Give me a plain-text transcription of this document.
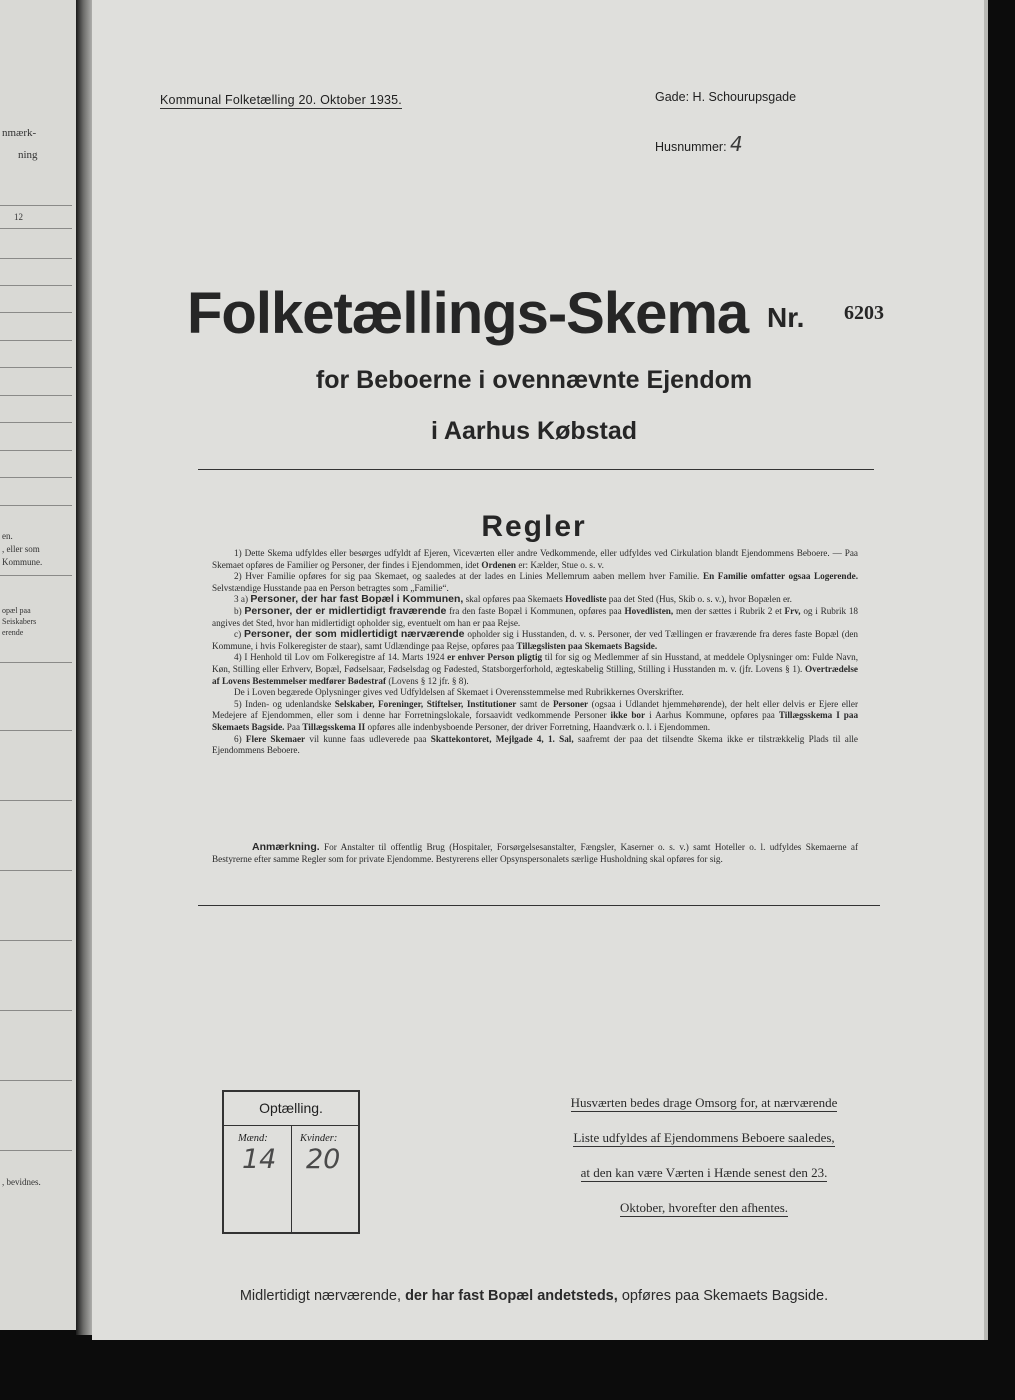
nmærk-
ning
12
en.
, eller som
Kommune.
opæl paa
Seiskabers
erende
, bevidnes.
Kommunal Folketælling 20. Oktober 1935.	Gade: H. Schourupsgade
Husnummer: 4
Folketællings-Skema Nr. 6203
for Beboerne i ovennævnte Ejendom
i Aarhus Købstad
Regler

1) Dette Skema udfyldes eller besørges udfyldt af Ejeren, Viceværten eller andre Vedkommende, eller udfyldes ved Cirkulation blandt Ejendommens Beboere. — Paa Skemaet opføres de Familier og Personer, der findes i Ejendommen, idet Ordenen er: Kælder, Stue o. s. v.

2) Hver Familie opføres for sig paa Skemaet, og saaledes at der lades en Linies Mellemrum aaben mellem hver Familie. En Familie omfatter ogsaa Logerende. Selvstændige Husstande paa en Person betragtes som „Familie“.

3 a) Personer, der har fast Bopæl i Kommunen, skal opføres paa Skemaets Hovedliste paa det Sted (Hus, Skib o. s. v.), hvor Bopælen er.

b) Personer, der er midlertidigt fraværende fra den faste Bopæl i Kommunen, opføres paa Hovedlisten, men der sættes i Rubrik 2 et Frv, og i Rubrik 18 angives det Sted, hvor han midlertidigt opholder sig, eventuelt om han er paa Rejse.

c) Personer, der som midlertidigt nærværende opholder sig i Husstanden, d. v. s. Personer, der ved Tællingen er fraværende fra deres faste Bopæl (den Kommune, i hvis Folkeregister de staar), samt Udlændinge paa Rejse, opføres paa Tillægslisten paa Skemaets Bagside.

4) I Henhold til Lov om Folkeregistre af 14. Marts 1924 er enhver Person pligtig til for sig og Medlemmer af sin Husstand, at meddele Oplysninger om: Fulde Navn, Køn, Stilling eller Erhverv, Bopæl, Fødselsaar, Fødselsdag og Fødested, Statsborgerforhold, ægteskabelig Stilling, Stilling i Husstanden m. v. (jfr. Lovens § 1). Overtrædelse af Lovens Bestemmelser medfører Bødestraf (Lovens § 12 jfr. § 8).

De i Loven begærede Oplysninger gives ved Udfyldelsen af Skemaet i Overensstemmelse med Rubrikkernes Overskrifter.

5) Inden- og udenlandske Selskaber, Foreninger, Stiftelser, Institutioner samt de Personer (ogsaa i Udlandet hjemmehørende), der helt eller delvis er Ejere eller Medejere af Ejendommen, eller som i denne har Forretningslokale, forsaavidt vedkommende Personer ikke bor i Aarhus Kommune, opføres paa Tillægsskema I paa Skemaets Bagside. Paa Tillægsskema II opføres alle indenbysboende Personer, der driver Forretning, Haandværk o. l. i Ejendommen.

6) Flere Skemaer vil kunne faas udleverede paa Skattekontoret, Mejlgade 4, 1. Sal, saafremt der paa det tilsendte Skema ikke er tilstrækkelig Plads til alle Ejendommens Beboere.

Anmærkning. For Anstalter til offentlig Brug (Hospitaler, Forsørgelsesanstalter, Fængsler, Kaserner o. s. v.) samt Hoteller o. l. udfyldes Skemaerne af Bestyrerne efter samme Regler som for private Ejendomme. Bestyrerens eller Opsynspersonalets særlige Husholdning skal opføres for sig.
Optælling.
Mænd:	Kvinder:
14 20
Husværten bedes drage Omsorg for, at nærværende
Liste udfyldes af Ejendommens Beboere saaledes,
at den kan være Værten i Hænde senest den 23.
Oktober, hvorefter den afhentes.
Midlertidigt nærværende, der har fast Bopæl andetsteds, opføres paa Skemaets Bagside.
